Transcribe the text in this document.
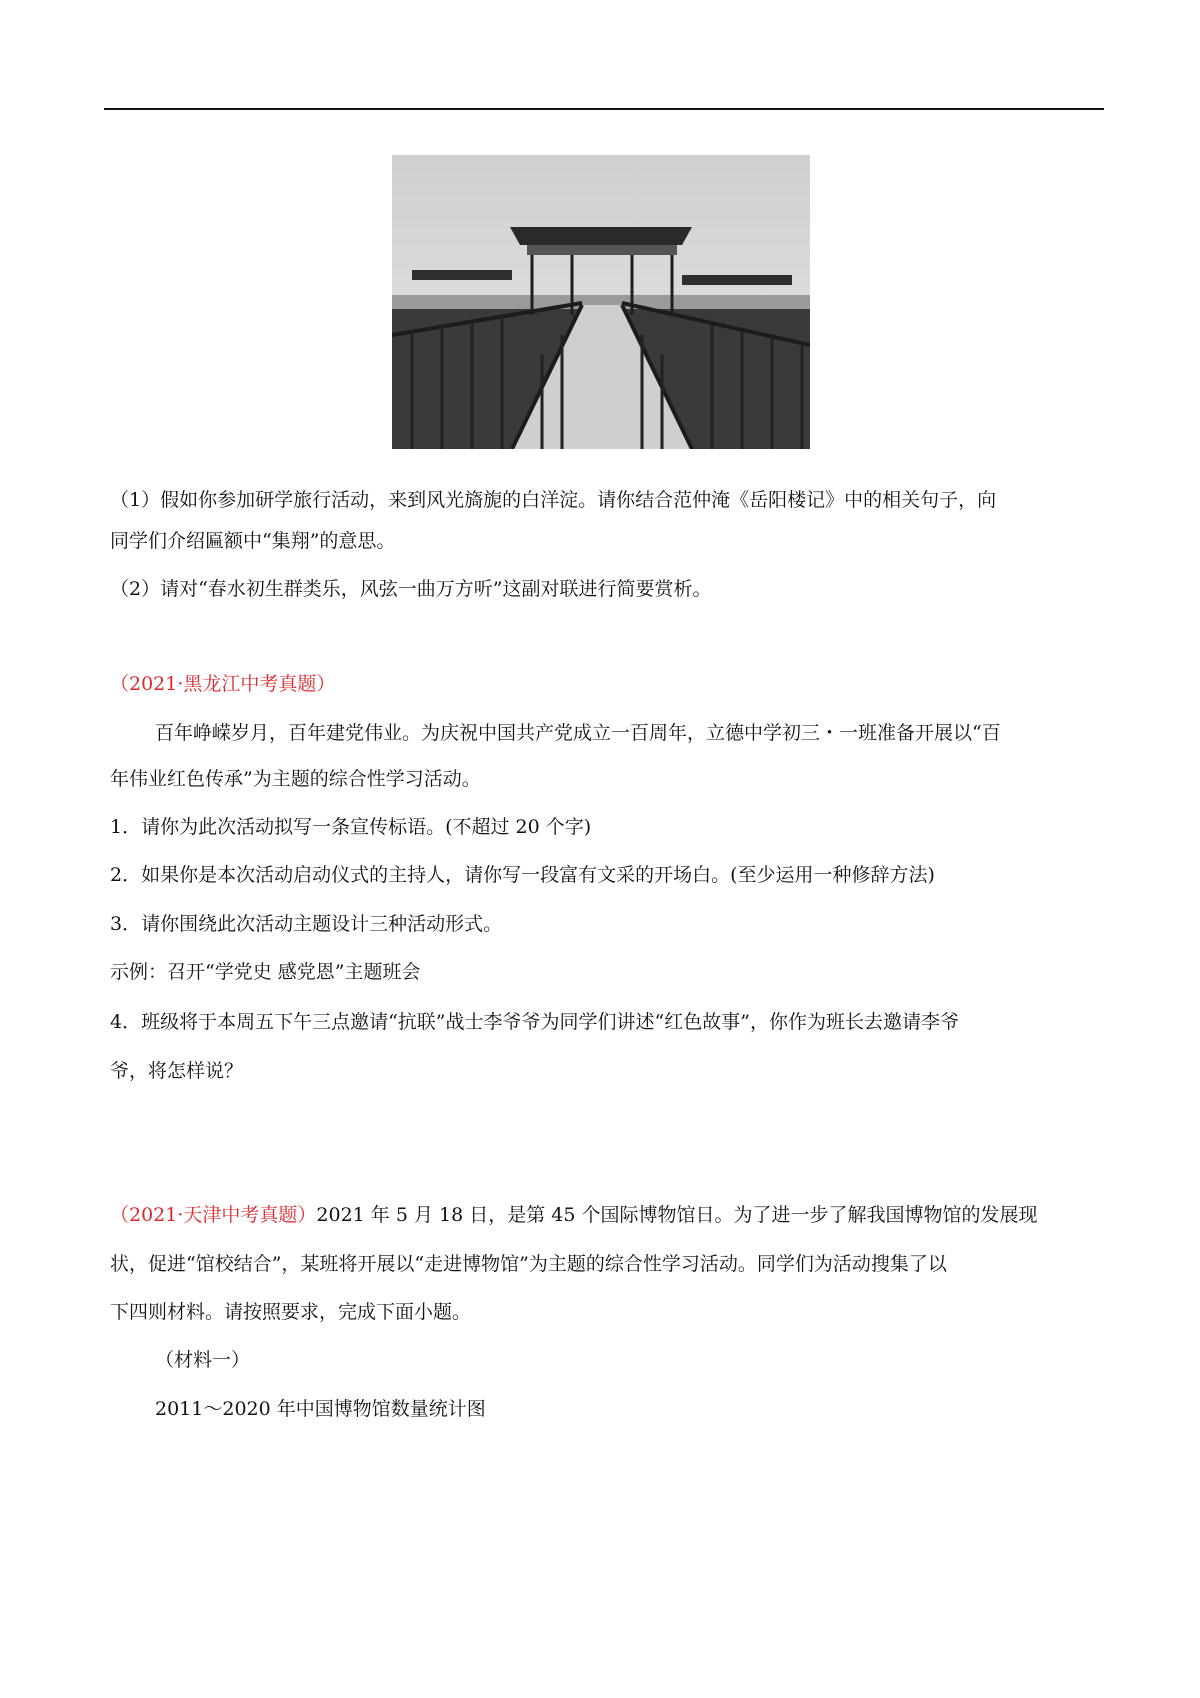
（1）假如你参加研学旅行活动，来到风光旖旎的白洋淀。请你结合范仲淹《岳阳楼记》中的相关句子，向
同学们介绍匾额中“集翔”的意思。
（2）请对“春水初生群类乐，风弦一曲万方听”这副对联进行简要赏析。
（2021·黑龙江中考真题）
百年峥嵘岁月，百年建党伟业。为庆祝中国共产党成立一百周年，立德中学初三・一班准备开展以“百
年伟业红色传承”为主题的综合性学习活动。
1．请你为此次活动拟写一条宣传标语。(不超过 20 个字)
2．如果你是本次活动启动仪式的主持人，请你写一段富有文采的开场白。(至少运用一种修辞方法)
3．请你围绕此次活动主题设计三种活动形式。
示例：召开“学党史 感党恩”主题班会
4．班级将于本周五下午三点邀请“抗联”战士李爷爷为同学们讲述“红色故事”，你作为班长去邀请李爷
爷，将怎样说？
（2021·天津中考真题）2021 年 5 月 18 日，是第 45 个国际博物馆日。为了进一步了解我国博物馆的发展现
状，促进“馆校结合”，某班将开展以“走进博物馆”为主题的综合性学习活动。同学们为活动搜集了以
下四则材料。请按照要求，完成下面小题。
（材料一）
2011～2020 年中国博物馆数量统计图
